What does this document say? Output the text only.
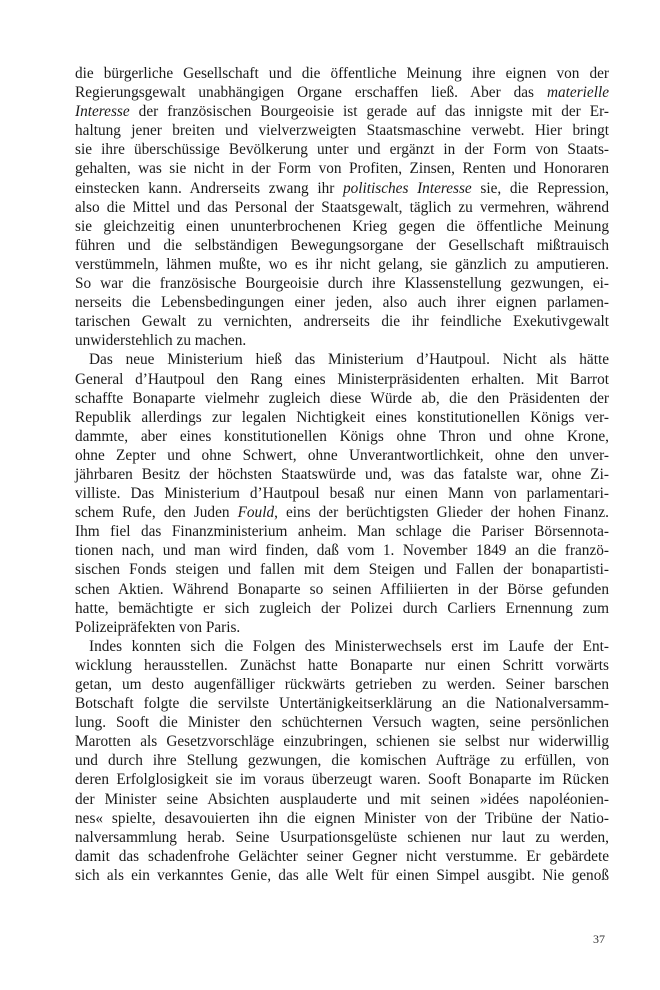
die bürgerliche Gesellschaft und die öffentliche Meinung ihre eignen von der
Regierungsgewalt unabhängigen Organe erschaffen ließ. Aber das materielle
Interesse der französischen Bourgeoisie ist gerade auf das innigste mit der Er-
haltung jener breiten und vielverzweigten Staatsmaschine verwebt. Hier bringt
sie ihre überschüssige Bevölkerung unter und ergänzt in der Form von Staats-
gehalten, was sie nicht in der Form von Profiten, Zinsen, Renten und Honoraren
einstecken kann. Andrerseits zwang ihr politisches Interesse sie, die Repression,
also die Mittel und das Personal der Staatsgewalt, täglich zu vermehren, während
sie gleichzeitig einen ununterbrochenen Krieg gegen die öffentliche Meinung
führen und die selbständigen Bewegungsorgane der Gesellschaft mißtrauisch
verstümmeln, lähmen mußte, wo es ihr nicht gelang, sie gänzlich zu amputieren.
So war die französische Bourgeoisie durch ihre Klassenstellung gezwungen, ei-
nerseits die Lebensbedingungen einer jeden, also auch ihrer eignen parlamen-
tarischen Gewalt zu vernichten, andrerseits die ihr feindliche Exekutivgewalt
unwiderstehlich zu machen.
Das neue Ministerium hieß das Ministerium d’Hautpoul. Nicht als hätte
General d’Hautpoul den Rang eines Ministerpräsidenten erhalten. Mit Barrot
schaffte Bonaparte vielmehr zugleich diese Würde ab, die den Präsidenten der
Republik allerdings zur legalen Nichtigkeit eines konstitutionellen Königs ver-
dammte, aber eines konstitutionellen Königs ohne Thron und ohne Krone,
ohne Zepter und ohne Schwert, ohne Unverantwortlichkeit, ohne den unver-
jährbaren Besitz der höchsten Staatswürde und, was das fatalste war, ohne Zi-
villiste. Das Ministerium d’Hautpoul besaß nur einen Mann von parlamentari-
schem Rufe, den Juden Fould, eins der berüchtigsten Glieder der hohen Finanz.
Ihm fiel das Finanzministerium anheim. Man schlage die Pariser Börsennota-
tionen nach, und man wird finden, daß vom 1. November 1849 an die franzö-
sischen Fonds steigen und fallen mit dem Steigen und Fallen der bonapartisti-
schen Aktien. Während Bonaparte so seinen Affiliierten in der Börse gefunden
hatte, bemächtigte er sich zugleich der Polizei durch Carliers Ernennung zum
Polizeipräfekten von Paris.
Indes konnten sich die Folgen des Ministerwechsels erst im Laufe der Ent-
wicklung herausstellen. Zunächst hatte Bonaparte nur einen Schritt vorwärts
getan, um desto augenfälliger rückwärts getrieben zu werden. Seiner barschen
Botschaft folgte die servilste Untertänigkeitserklärung an die Nationalversamm-
lung. Sooft die Minister den schüchternen Versuch wagten, seine persönlichen
Marotten als Gesetzvorschläge einzubringen, schienen sie selbst nur widerwillig
und durch ihre Stellung gezwungen, die komischen Aufträge zu erfüllen, von
deren Erfolglosigkeit sie im voraus überzeugt waren. Sooft Bonaparte im Rücken
der Minister seine Absichten ausplauderte und mit seinen »idées napoléonien-
nes« spielte, desavouierten ihn die eignen Minister von der Tribüne der Natio-
nalversammlung herab. Seine Usurpationsgelüste schienen nur laut zu werden,
damit das schadenfrohe Gelächter seiner Gegner nicht verstumme. Er gebärdete
sich als ein verkanntes Genie, das alle Welt für einen Simpel ausgibt. Nie genoß
37
